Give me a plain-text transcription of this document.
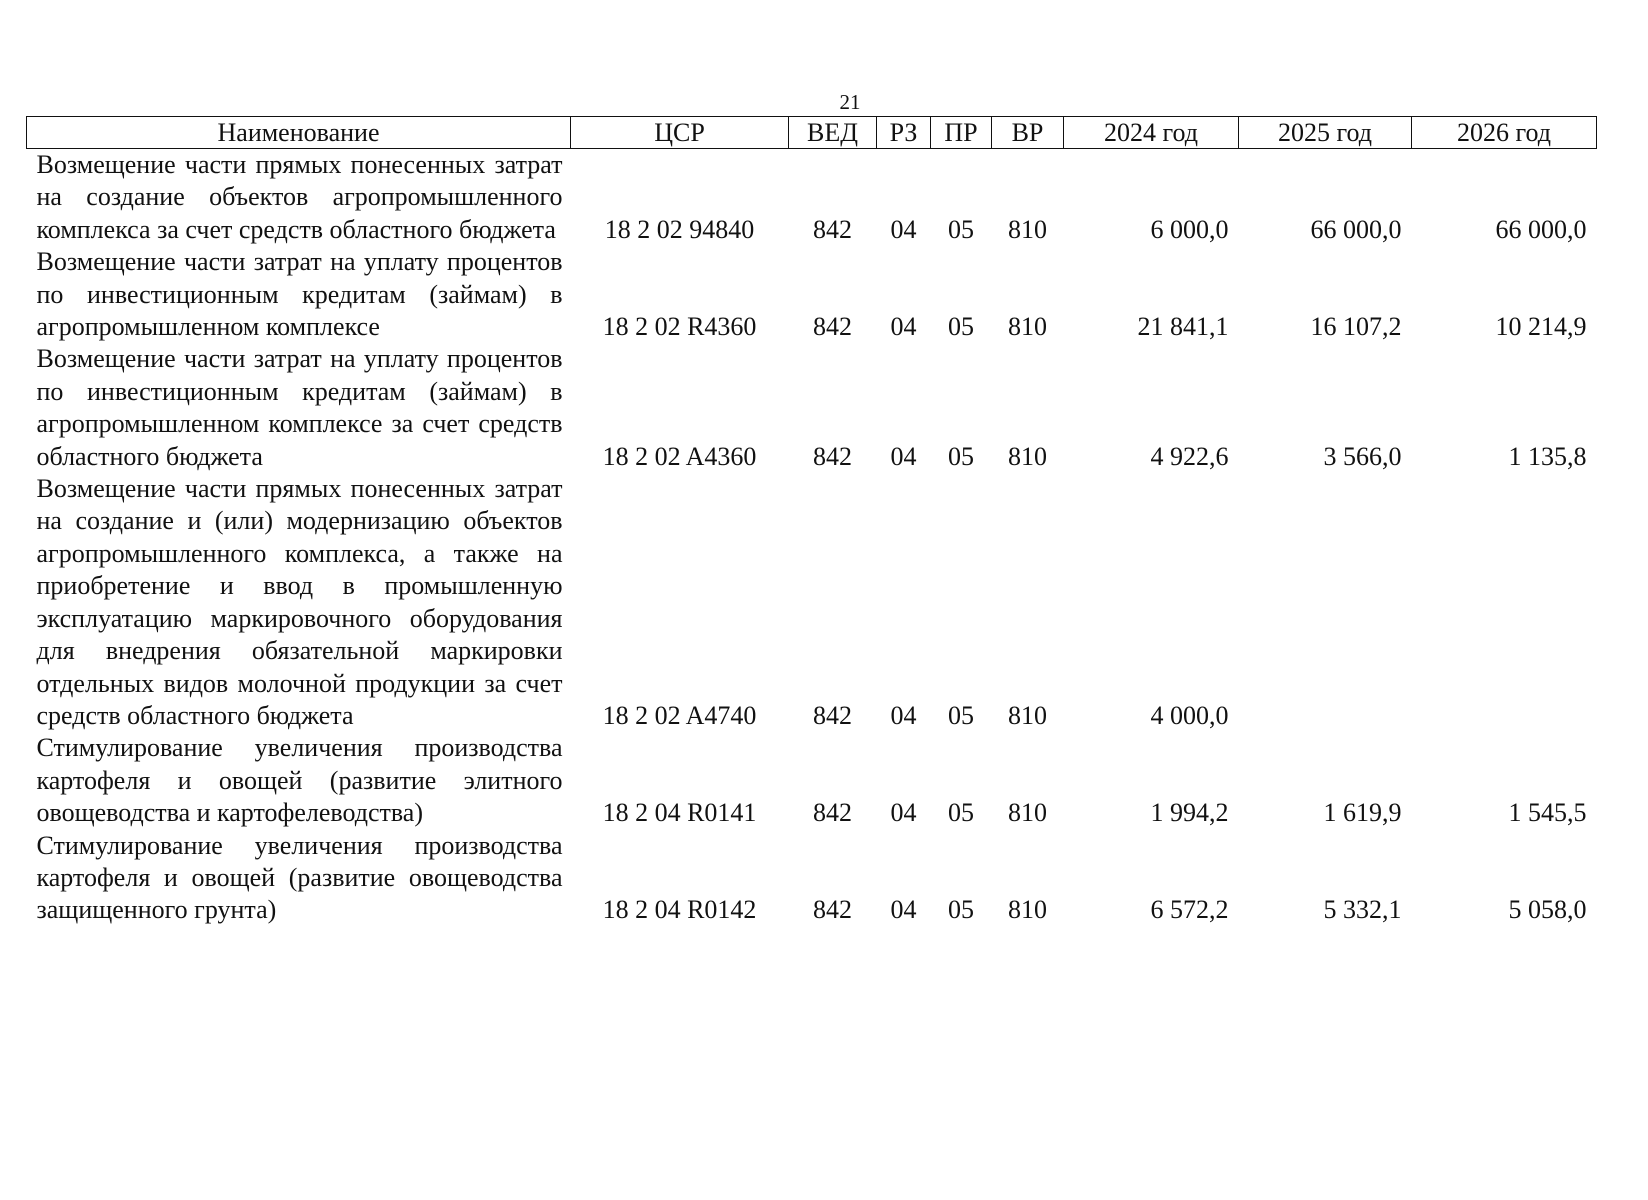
21
Наименование	ЦСР	ВЕД	РЗ	ПР	ВР	2024 год	2025 год	2026 год
Возмещение части прямых понесенных затрат на создание объектов агропромышленного комплекса за счет средств областного бюджета	18 2 02 94840	842	04	05	810	6 000,0	66 000,0	66 000,0
Возмещение части затрат на уплату процентов по инвестиционным кредитам (займам) в агропромышленном комплексе	18 2 02 R4360	842	04	05	810	21 841,1	16 107,2	10 214,9
Возмещение части затрат на уплату процентов по инвестиционным кредитам (займам) в агропромышленном комплексе за счет средств областного бюджета	18 2 02 A4360	842	04	05	810	4 922,6	3 566,0	1 135,8
Возмещение части прямых понесенных затрат на создание и (или) модернизацию объектов агропромышленного комплекса, а также на приобретение и ввод в промышленную эксплуатацию маркировочного оборудования для внедрения обязательной маркировки отдельных видов молочной продукции за счет средств областного бюджета	18 2 02 A4740	842	04	05	810	4 000,0		
Стимулирование увеличения производства картофеля и овощей (развитие элитного овощеводства и картофелеводства)	18 2 04 R0141	842	04	05	810	1 994,2	1 619,9	1 545,5
Стимулирование увеличения производства картофеля и овощей (развитие овощеводства защищенного грунта)	18 2 04 R0142	842	04	05	810	6 572,2	5 332,1	5 058,0
